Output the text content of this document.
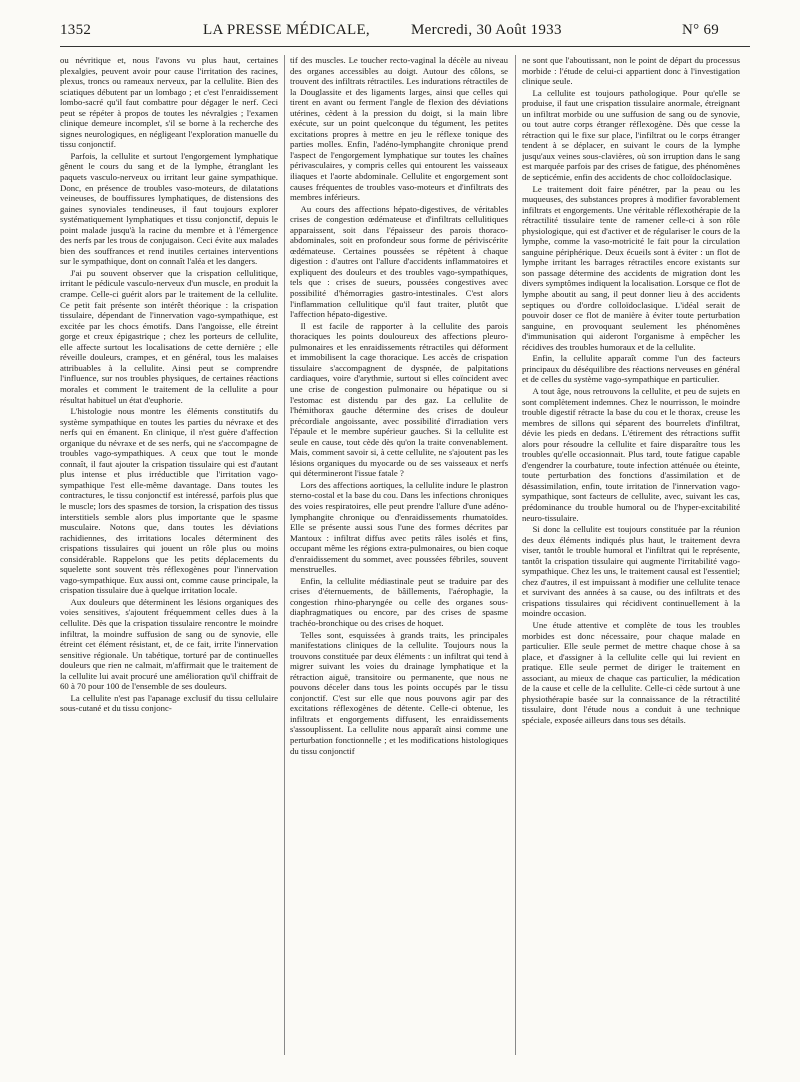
1352	LA PRESSE MÉDICALE,	Mercredi, 30 Août 1933	N° 69

ou névritique et, nous l'avons vu plus haut, certaines plexalgies, peuvent avoir pour cause l'irritation des racines, plexus, troncs ou rameaux nerveux, par la cellulite. Bien des sciatiques débutent par un lombago ; et c'est l'enraidissement lombo-sacré qu'il faut combattre pour dégager le nerf. Ceci peut se répéter à propos de toutes les névralgies ; l'examen clinique demeure incomplet, s'il se borne à la recherche des signes neurologiques, en négligeant l'exploration manuelle du tissu conjonctif.

Parfois, la cellulite et surtout l'engorgement lymphatique gênent le cours du sang et de la lymphe, étranglant les paquets vasculo-nerveux ou irritant leur gaine sympathique. Donc, en présence de troubles vaso-moteurs, de dilatations veineuses, de bouffissures lymphatiques, de distensions des gaines synoviales tendineuses, il faut toujours explorer systématiquement lymphatiques et tissu conjonctif, depuis le point malade jusqu'à la racine du membre et à l'émergence des nerfs par les trous de conjugaison. Ceci évite aux malades bien des souffrances et rend inutiles certaines interventions sur le sympathique, dont on connaît l'aléa et les dangers.

J'ai pu souvent observer que la crispation cellulitique, irritant le pédicule vasculo-nerveux d'un muscle, en produit la crampe. Celle-ci guérit alors par le traitement de la cellulite. Ce petit fait présente son intérêt théorique : la crispation tissulaire, dépendant de l'innervation vago-sympathique, est excitée par les chocs émotifs. Dans l'angoisse, elle étreint gorge et creux épigastrique ; chez les porteurs de cellulite, elle affecte surtout les localisations de cette dernière ; elle réveille douleurs, crampes, et en général, tous les malaises attribuables à la cellulite. Ainsi peut se comprendre l'influence, sur nos troubles physiques, de certaines réactions morales et comment le traitement de la cellulite a pour résultat habituel un état d'euphorie.

L'histologie nous montre les éléments constitutifs du système sympathique en toutes les parties du névraxe et des nerfs qui en émanent. En clinique, il n'est guère d'affection organique du névraxe et de ses nerfs, qui ne s'accompagne de troubles vago-sympathiques. A ceux que tout le monde connaît, il faut ajouter la crispation tissulaire qui est d'autant plus intense et plus irréductible que l'irritation vago-sympathique l'est elle-même davantage. Dans toutes les contractures, le tissu conjonctif est intéressé, parfois plus que le muscle; lors des spasmes de torsion, la crispation des tissus interstitiels semble alors plus importante que le spasme musculaire. Notons que, dans toutes les déviations rachidiennes, des irritations locales déterminent des crispations tissulaires qui jouent un rôle plus ou moins considérable. Rappelons que les petits déplacements du squelette sont souvent très réflexogènes pour l'innervation vago-sympathique. Eux aussi ont, comme cause principale, la crispation tissulaire due à quelque irritation locale.

Aux douleurs que déterminent les lésions organiques des voies sensitives, s'ajoutent fréquemment celles dues à la cellulite. Dès que la crispation tissulaire rencontre le moindre infiltrat, la moindre suffusion de sang ou de synovie, elle étreint cet élément résistant, et, de ce fait, irrite l'innervation sensitive régionale. Un tabétique, torturé par de continuelles douleurs que rien ne calmait, m'affirmait que le traitement de la cellulite lui avait procuré une amélioration qu'il chiffrait de 60 à 70 pour 100 de l'ensemble de ses douleurs.

La cellulite n'est pas l'apanage exclusif du tissu cellulaire sous-cutané et du tissu conjonc-

tif des muscles. Le toucher recto-vaginal la décèle au niveau des organes accessibles au doigt. Autour des côlons, se trouvent des infiltrats rétractiles. Les indurations rétractiles de la Douglassite et des ligaments larges, ainsi que celles qui tirent en avant ou ferment l'angle de flexion des déviations utérines, cèdent à la pression du doigt, si la main libre exécute, sur un point quelconque du tégument, les petites excitations propres à mettre en jeu le réflexe tonique des parties molles. Enfin, l'adéno-lymphangite chronique prend l'aspect de l'engorgement lymphatique sur toutes les chaînes périvasculaires, y compris celles qui entourent les vaisseaux iliaques et l'aorte abdominale. Cellulite et engorgement sont causes fréquentes de troubles vaso-moteurs et d'infiltrats des membres inférieurs.

Au cours des affections hépato-digestives, de véritables crises de congestion œdémateuse et d'infiltrats cellulitiques apparaissent, soit dans l'épaisseur des parois thoraco-abdominales, soit en profondeur sous forme de périviscérite œdémateuse. Certaines poussées se répètent à chaque digestion : d'autres ont l'allure d'accidents inflammatoires et expliquent des douleurs et des troubles vago-sympathiques, tels que : crises de sueurs, poussées congestives avec possibilité d'hémorragies gastro-intestinales. C'est alors l'inflammation cellulitique qu'il faut traiter, plutôt que l'affection hépato-digestive.

Il est facile de rapporter à la cellulite des parois thoraciques les points douloureux des affections pleuro-pulmonaires et les enraidissements rétractiles qui déforment et immobilisent la cage thoracique. Les accès de crispation tissulaire s'accompagnent de dyspnée, de palpitations cardiaques, voire d'arythmie, surtout si elles coïncident avec une crise de congestion pulmonaire ou hépatique ou si l'estomac est distendu par des gaz. La cellulite de l'hémithorax gauche détermine des crises de douleur précordiale angoissante, avec possibilité d'irradiation vers l'épaule et le membre supérieur gauches. Si la cellulite est seule en cause, tout cède dès qu'on la traite convenablement. Mais, comment savoir si, à cette cellulite, ne s'ajoutent pas les lésions organiques du myocarde ou de ses vaisseaux et nerfs qui détermineront l'issue fatale ?

Lors des affections aortiques, la cellulite indure le plastron sterno-costal et la base du cou. Dans les infections chroniques des voies respiratoires, elle peut prendre l'allure d'une adéno-lymphangite chronique ou d'enraidissements rhumatoïdes. Elle se présente aussi sous l'une des formes décrites par Mantoux : infiltrat diffus avec petits râles isolés et fins, occupant même les régions extra-pulmonaires, ou bien coque d'enraidissement du sommet, avec poussées fébriles, souvent menstruelles.

Enfin, la cellulite médiastinale peut se traduire par des crises d'éternuements, de bâillements, l'aérophagie, la congestion rhino-pharyngée ou celle des organes sous-diaphragmatiques ou encore, par des crises de spasme trachéo-bronchique ou des crises de hoquet.

Telles sont, esquissées à grands traits, les principales manifestations cliniques de la cellulite. Toujours nous la trouvons constituée par deux éléments : un infiltrat qui tend à migrer suivant les voies du drainage lymphatique et la rétraction aiguë, transitoire ou permanente, que nous ne pouvons déceler dans tous les points occupés par le tissu conjonctif. C'est sur elle que nous pouvons agir par des excitations réflexogènes de détente. Celle-ci obtenue, les infiltrats et engorgements diffusent, les enraidissements s'assouplissent. La cellulite nous apparaît ainsi comme une perturbation fonctionnelle ; et les modifications histologiques du tissu conjonctif

ne sont que l'aboutissant, non le point de départ du processus morbide : l'étude de celui-ci appartient donc à l'investigation clinique seule.

La cellulite est toujours pathologique. Pour qu'elle se produise, il faut une crispation tissulaire anormale, étreignant un infiltrat morbide ou une suffusion de sang ou de synovie, ou tout autre corps étranger réflexogène. Dès que cesse la rétraction qui le fixe sur place, l'infiltrat ou le corps étranger tendent à se déplacer, en suivant le cours de la lymphe jusqu'aux veines sous-clavières, où son irruption dans le sang est marquée parfois par des crises de fatigue, des phénomènes de septicémie, enfin des accidents de choc colloïdoclasique.

Le traitement doit faire pénétrer, par la peau ou les muqueuses, des substances propres à modifier favorablement infiltrats et engorgements. Une véritable réflexothérapie de la rétractilité tissulaire tente de ramener celle-ci à son rôle physiologique, qui est d'activer et de régulariser le cours de la lymphe, comme la vaso-motricité le fait pour la circulation sanguine périphérique. Deux écueils sont à éviter : un flot de lymphe irritant les barrages rétractiles encore existants sur son passage détermine des accidents de migration dont les divers symptômes indiquent la localisation. Lorsque ce flot de lymphe aboutit au sang, il peut donner lieu à des accidents septiques ou d'ordre colloïdoclasique. L'idéal serait de pouvoir doser ce flot de manière à éviter toute perturbation sanguine, en provoquant seulement les phénomènes d'immunisation qui aideront l'organisme à empêcher les récidives des troubles humoraux et de la cellulite.

Enfin, la cellulite apparaît comme l'un des facteurs principaux du déséquilibre des réactions nerveuses en général et de celles du système vago-sympathique en particulier.

A tout âge, nous retrouvons la cellulite, et peu de sujets en sont complètement indemnes. Chez le nourrisson, le moindre trouble digestif rétracte la base du cou et le thorax, creuse les membres de sillons qui séparent des bourrelets d'infiltrat, dévie les pieds en dedans. L'étirement des rétractions suffit alors pour résoudre la cellulite et faire disparaître tous les troubles qu'elle occasionnait. Plus tard, toute fatigue capable d'engendrer la courbature, toute infection atténuée ou éteinte, toute perturbation des fonctions d'assimilation et de désassimilation, enfin, toute irritation de l'innervation vago-sympathique, sont facteurs de cellulite, avec, suivant les cas, prédominance du trouble humoral ou de l'hyper-excitabilité neuro-tissulaire.

Si donc la cellulite est toujours constituée par la réunion des deux éléments indiqués plus haut, le traitement devra viser, tantôt le trouble humoral et l'infiltrat qui le représente, tantôt la crispation tissulaire qui augmente l'irritabilité vago-sympathique. Chez les uns, le traitement causal est l'essentiel; chez d'autres, il est impuissant à modifier une cellulite tenace et survivant des années à sa cause, ou des infiltrats et des crispations tissulaires qui récidivent continuellement à la moindre occasion.

Une étude attentive et complète de tous les troubles morbides est donc nécessaire, pour chaque malade en particulier. Elle seule permet de mettre chaque chose à sa place, et d'assigner à la cellulite celle qui lui revient en pratique. Elle seule permet de diriger le traitement en associant, au mieux de chaque cas particulier, la médication de la cause et celle de la cellulite. Celle-ci cède surtout à une physiothérapie basée sur la connaissance de la rétractilité tissulaire, dont l'étude nous a conduit à une technique spéciale, exposée ailleurs dans tous ses détails.
